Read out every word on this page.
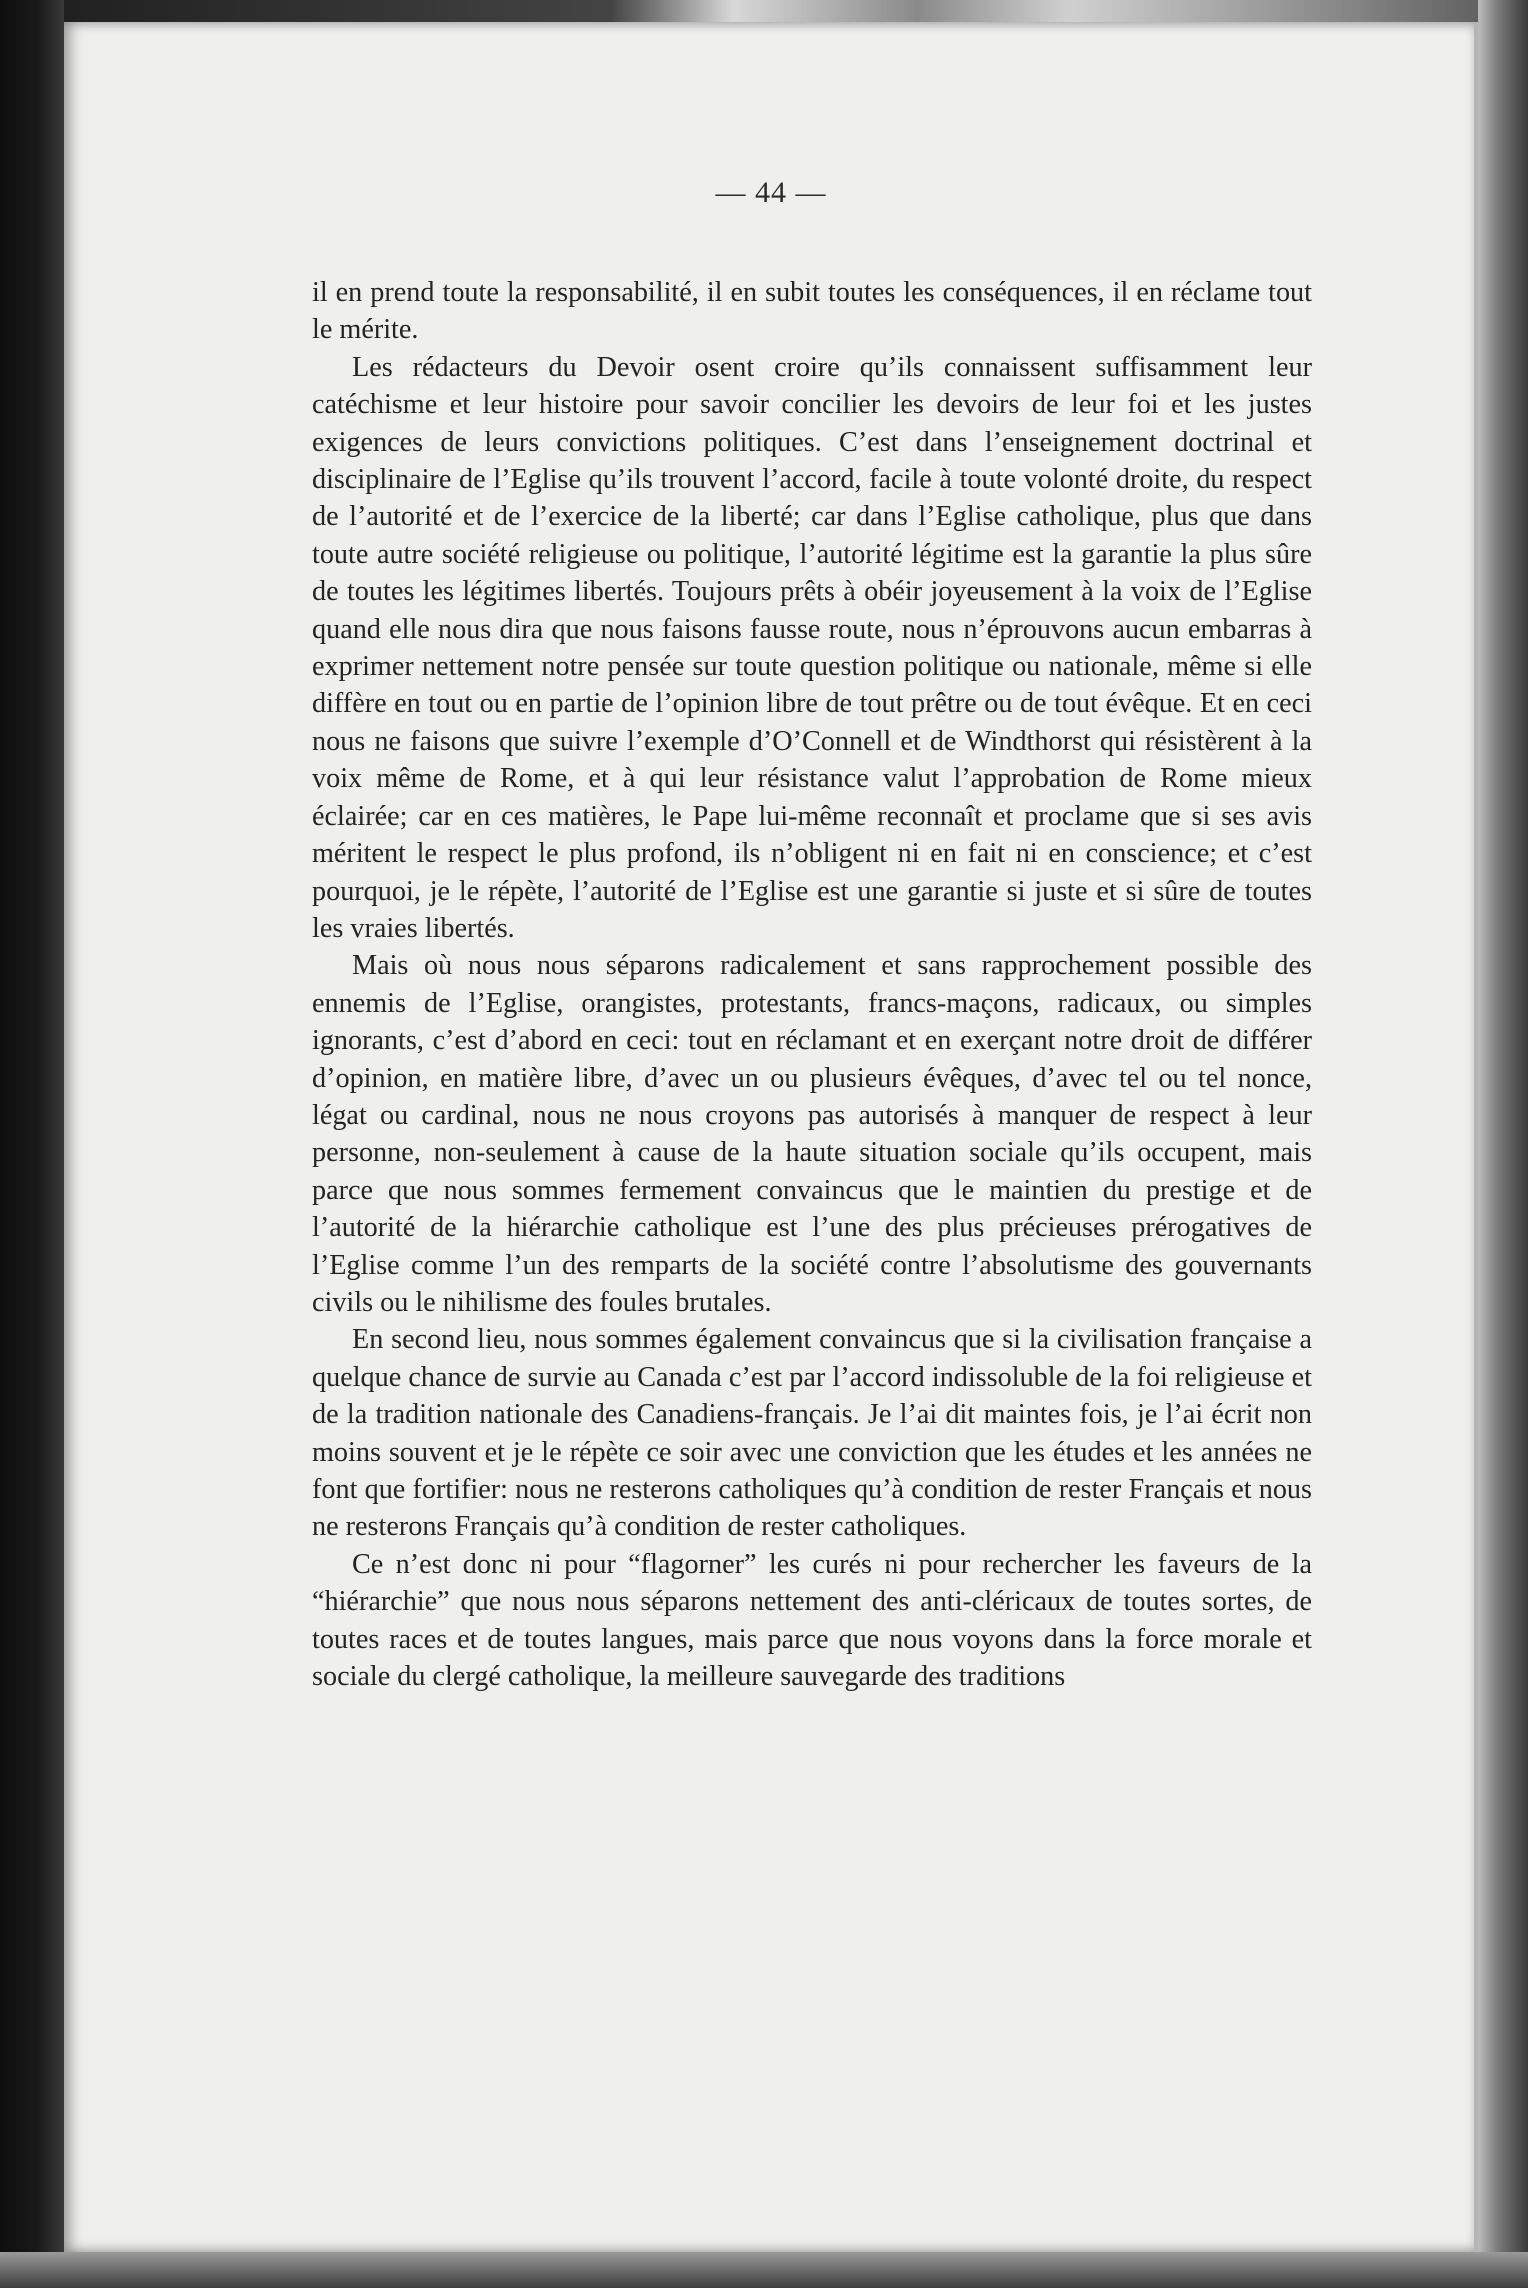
— 44 —

il en prend toute la responsabilité, il en subit toutes les conséquences, il en réclame tout le mérite.

Les rédacteurs du Devoir osent croire qu’ils connaissent suffisamment leur catéchisme et leur histoire pour savoir concilier les devoirs de leur foi et les justes exigences de leurs convictions politiques. C’est dans l’enseignement doctrinal et disciplinaire de l’Eglise qu’ils trouvent l’accord, facile à toute volonté droite, du respect de l’autorité et de l’exercice de la liberté; car dans l’Eglise catholique, plus que dans toute autre société religieuse ou politique, l’autorité légitime est la garantie la plus sûre de toutes les légitimes libertés. Toujours prêts à obéir joyeusement à la voix de l’Eglise quand elle nous dira que nous faisons fausse route, nous n’éprouvons aucun embarras à exprimer nettement notre pensée sur toute question politique ou nationale, même si elle diffère en tout ou en partie de l’opinion libre de tout prêtre ou de tout évêque. Et en ceci nous ne faisons que suivre l’exemple d’O’Connell et de Windthorst qui résistèrent à la voix même de Rome, et à qui leur résistance valut l’approbation de Rome mieux éclairée; car en ces matières, le Pape lui-même reconnaît et proclame que si ses avis méritent le respect le plus profond, ils n’obligent ni en fait ni en conscience; et c’est pourquoi, je le répète, l’autorité de l’Eglise est une garantie si juste et si sûre de toutes les vraies libertés.

Mais où nous nous séparons radicalement et sans rapprochement possible des ennemis de l’Eglise, orangistes, protestants, francs-maçons, radicaux, ou simples ignorants, c’est d’abord en ceci: tout en réclamant et en exerçant notre droit de différer d’opinion, en matière libre, d’avec un ou plusieurs évêques, d’avec tel ou tel nonce, légat ou cardinal, nous ne nous croyons pas autorisés à manquer de respect à leur personne, non-seulement à cause de la haute situation sociale qu’ils occupent, mais parce que nous sommes fermement convaincus que le maintien du prestige et de l’autorité de la hiérarchie catholique est l’une des plus précieuses prérogatives de l’Eglise comme l’un des remparts de la société contre l’absolutisme des gouvernants civils ou le nihilisme des foules brutales.

En second lieu, nous sommes également convaincus que si la civilisation française a quelque chance de survie au Canada c’est par l’accord indissoluble de la foi religieuse et de la tradition nationale des Canadiens-français. Je l’ai dit maintes fois, je l’ai écrit non moins souvent et je le répète ce soir avec une conviction que les études et les années ne font que fortifier: nous ne resterons catholiques qu’à condition de rester Français et nous ne resterons Français qu’à condition de rester catholiques.

Ce n’est donc ni pour “flagorner” les curés ni pour rechercher les faveurs de la “hiérarchie” que nous nous séparons nettement des anti-cléricaux de toutes sortes, de toutes races et de toutes langues, mais parce que nous voyons dans la force morale et sociale du clergé catholique, la meilleure sauvegarde des traditions
